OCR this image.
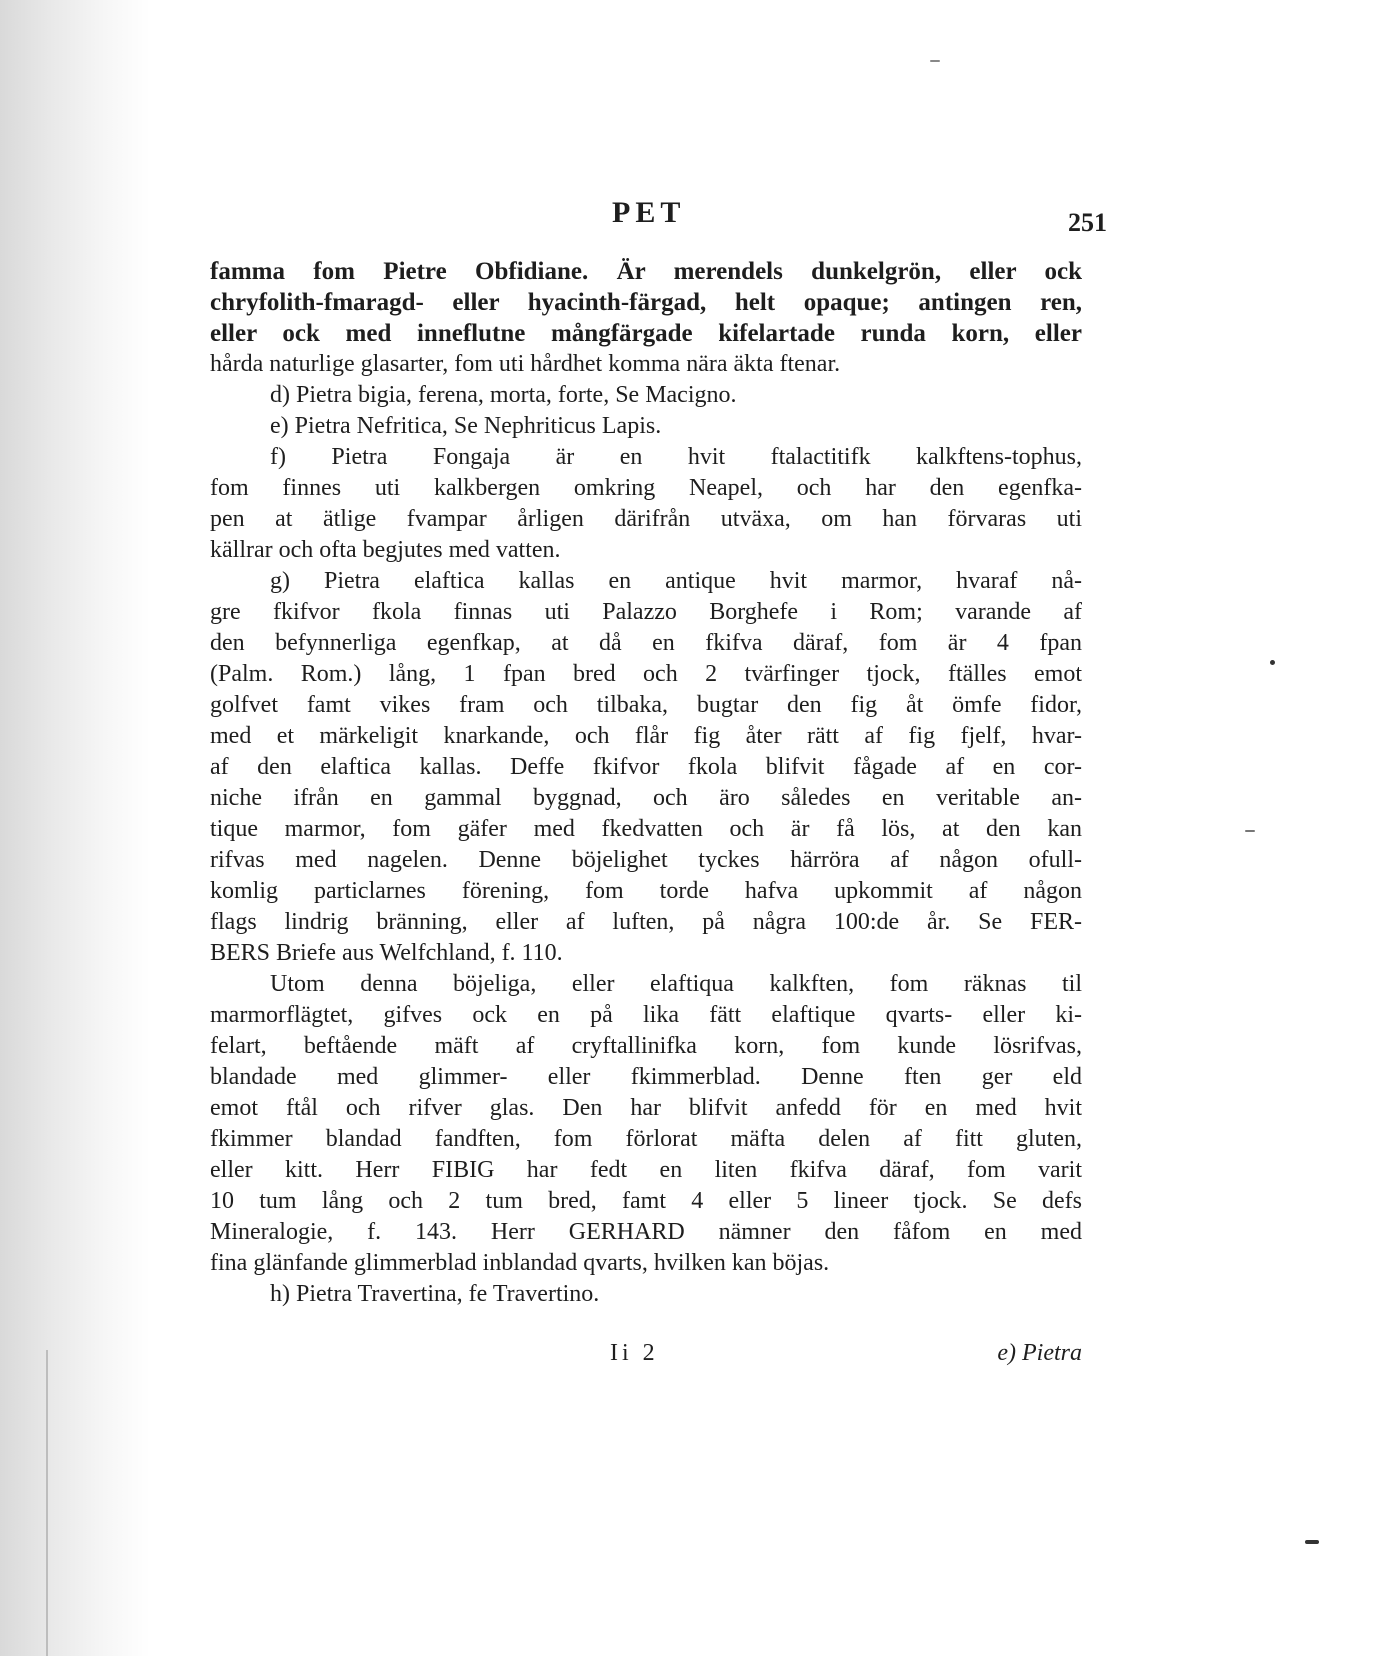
PET	251
famma fom Pietre Obfidiane. Är merendels dunkelgrön, eller ock
chryfolith-fmaragd- eller hyacinth-färgad, helt opaque; antingen ren,
eller ock med inneflutne mångfärgade kifelartade runda korn, eller
hårda naturlige glasarter, fom uti hårdhet komma nära äkta ftenar.
d) Pietra bigia, ferena, morta, forte, Se Macigno.
e) Pietra Nefritica, Se Nephriticus Lapis.
f) Pietra Fongaja är en hvit ftalactitifk kalkftens-tophus,
fom finnes uti kalkbergen omkring Neapel, och har den egenfka-
pen at ätlige fvampar årligen därifrån utväxa, om han förvaras uti
källrar och ofta begjutes med vatten.
g) Pietra elaftica kallas en antique hvit marmor, hvaraf nå-
gre fkifvor fkola finnas uti Palazzo Borghefe i Rom; varande af
den befynnerliga egenfkap, at då en fkifva däraf, fom är 4 fpan
(Palm. Rom.) lång, 1 fpan bred och 2 tvärfinger tjock, ftälles emot
golfvet famt vikes fram och tilbaka, bugtar den fig åt ömfe fidor,
med et märkeligit knarkande, och flår fig åter rätt af fig fjelf, hvar-
af den elaftica kallas. Deffe fkifvor fkola blifvit fågade af en cor-
niche ifrån en gammal byggnad, och äro således en veritable an-
tique marmor, fom gäfer med fkedvatten och är få lös, at den kan
rifvas med nagelen. Denne böjelighet tyckes härröra af någon ofull-
komlig particlarnes förening, fom torde hafva upkommit af någon
flags lindrig bränning, eller af luften, på några 100:de år. Se FER-
BERS Briefe aus Welfchland, f. 110.
Utom denna böjeliga, eller elaftiqua kalkften, fom räknas til
marmorflägtet, gifves ock en på lika fätt elaftique qvarts- eller ki-
felart, beftående mäft af cryftallinifka korn, fom kunde lösrifvas,
blandade med glimmer- eller fkimmerblad. Denne ften ger eld
emot ftål och rifver glas. Den har blifvit anfedd för en med hvit
fkimmer blandad fandften, fom förlorat mäfta delen af fitt gluten,
eller kitt. Herr FIBIG har fedt en liten fkifva däraf, fom varit
10 tum lång och 2 tum bred, famt 4 eller 5 lineer tjock. Se defs
Mineralogie, f. 143. Herr GERHARD nämner den fåfom en med
fina glänfande glimmerblad inblandad qvarts, hvilken kan böjas.
h) Pietra Travertina, fe Travertino.
Ii 2	e) Pietra
